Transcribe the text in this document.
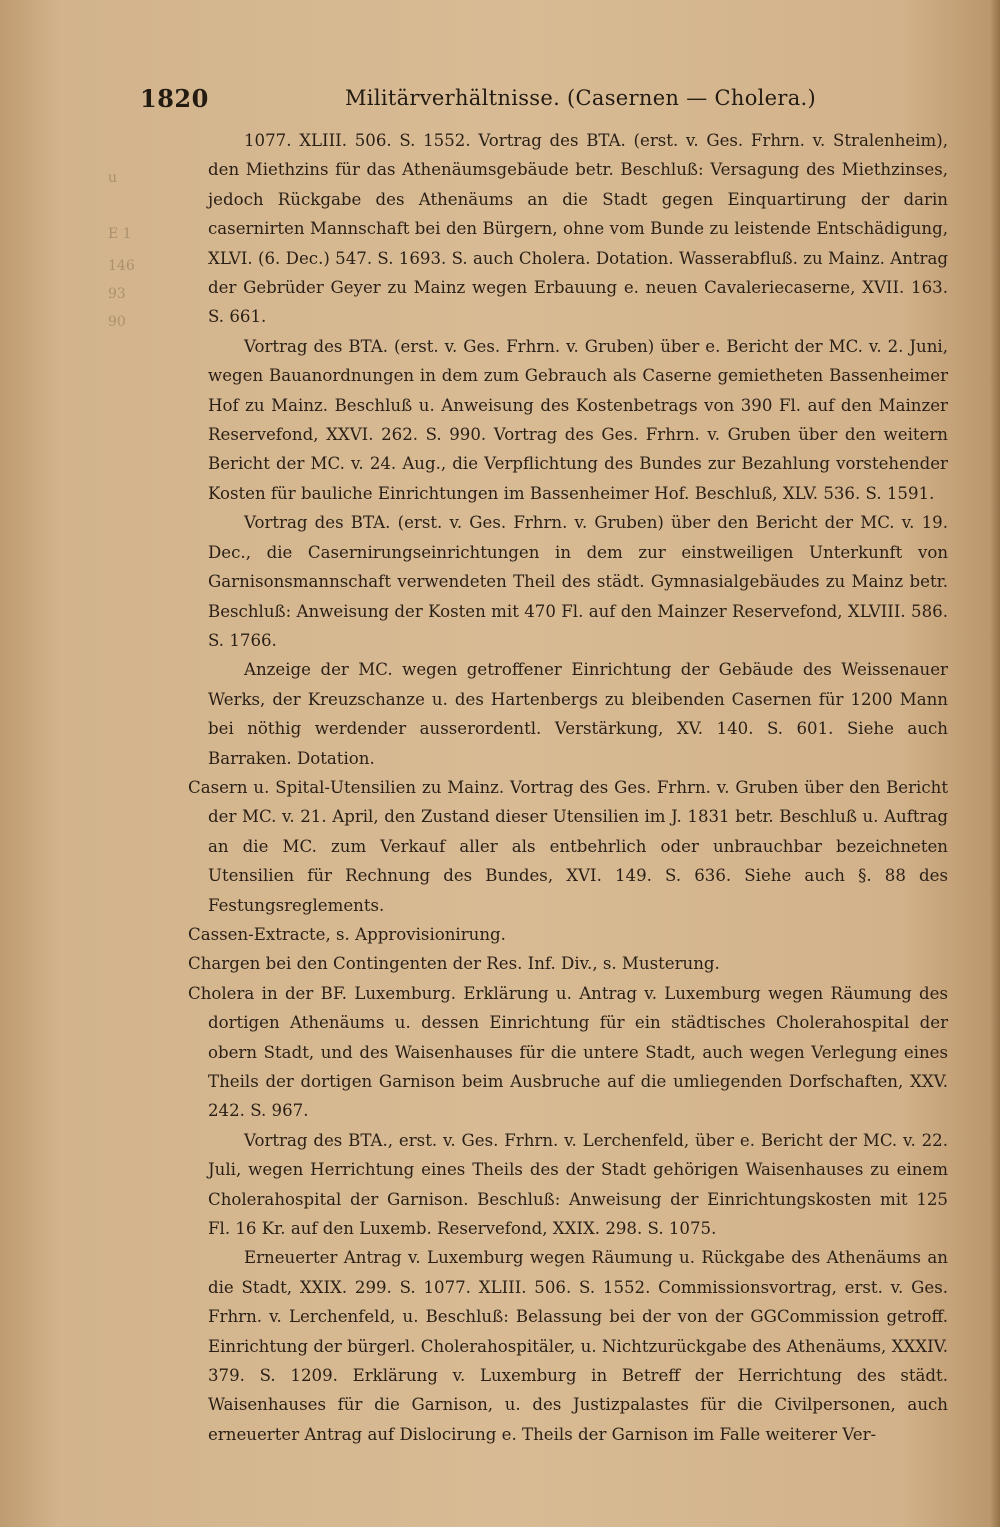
u
E 1
146
93
90
1820	Militärverhältnisse. (Casernen — Cholera.)

1077. XLIII. 506. S. 1552. Vortrag des BTA. (erst. v. Ges. Frhrn. v. Stralenheim), den Miethzins für das Athenäumsgebäude betr. Beschluß: Versagung des Miethzinses, jedoch Rückgabe des Athenäums an die Stadt gegen Einquartirung der darin casernirten Mannschaft bei den Bürgern, ohne vom Bunde zu leistende Entschädigung, XLVI. (6. Dec.) 547. S. 1693. S. auch Cholera. Dotation. Wasserabfluß. zu Mainz. Antrag der Gebrüder Geyer zu Mainz wegen Erbauung e. neuen Cavaleriecaserne, XVII. 163. S. 661.

Vortrag des BTA. (erst. v. Ges. Frhrn. v. Gruben) über e. Bericht der MC. v. 2. Juni, wegen Bauanordnungen in dem zum Gebrauch als Caserne gemietheten Bassenheimer Hof zu Mainz. Beschluß u. Anweisung des Kostenbetrags von 390 Fl. auf den Mainzer Reservefond, XXVI. 262. S. 990. Vortrag des Ges. Frhrn. v. Gruben über den weitern Bericht der MC. v. 24. Aug., die Verpflichtung des Bundes zur Bezahlung vorstehender Kosten für bauliche Einrichtungen im Bassenheimer Hof. Beschluß, XLV. 536. S. 1591.

Vortrag des BTA. (erst. v. Ges. Frhrn. v. Gruben) über den Bericht der MC. v. 19. Dec., die Casernirungseinrichtungen in dem zur einstweiligen Unterkunft von Garnisonsmannschaft verwendeten Theil des städt. Gymnasialgebäudes zu Mainz betr. Beschluß: Anweisung der Kosten mit 470 Fl. auf den Mainzer Reservefond, XLVIII. 586. S. 1766.

Anzeige der MC. wegen getroffener Einrichtung der Gebäude des Weissenauer Werks, der Kreuzschanze u. des Hartenbergs zu bleibenden Casernen für 1200 Mann bei nöthig werdender ausserordentl. Verstärkung, XV. 140. S. 601. Siehe auch Barraken. Dotation.

Casern u. Spital-Utensilien zu Mainz. Vortrag des Ges. Frhrn. v. Gruben über den Bericht der MC. v. 21. April, den Zustand dieser Utensilien im J. 1831 betr. Beschluß u. Auftrag an die MC. zum Verkauf aller als entbehrlich oder unbrauchbar bezeichneten Utensilien für Rechnung des Bundes, XVI. 149. S. 636. Siehe auch §. 88 des Festungsreglements.

Cassen-Extracte, s. Approvisionirung.

Chargen bei den Contingenten der Res. Inf. Div., s. Musterung.

Cholera in der BF. Luxemburg. Erklärung u. Antrag v. Luxemburg wegen Räumung des dortigen Athenäums u. dessen Einrichtung für ein städtisches Cholerahospital der obern Stadt, und des Waisenhauses für die untere Stadt, auch wegen Verlegung eines Theils der dortigen Garnison beim Ausbruche auf die umliegenden Dorfschaften, XXV. 242. S. 967.

Vortrag des BTA., erst. v. Ges. Frhrn. v. Lerchenfeld, über e. Bericht der MC. v. 22. Juli, wegen Herrichtung eines Theils des der Stadt gehörigen Waisenhauses zu einem Cholerahospital der Garnison. Beschluß: Anweisung der Einrichtungskosten mit 125 Fl. 16 Kr. auf den Luxemb. Reservefond, XXIX. 298. S. 1075.

Erneuerter Antrag v. Luxemburg wegen Räumung u. Rückgabe des Athenäums an die Stadt, XXIX. 299. S. 1077. XLIII. 506. S. 1552. Commissionsvortrag, erst. v. Ges. Frhrn. v. Lerchenfeld, u. Beschluß: Belassung bei der von der GGCommission getroff. Einrichtung der bürgerl. Cholerahospitäler, u. Nichtzurückgabe des Athenäums, XXXIV. 379. S. 1209. Erklärung v. Luxemburg in Betreff der Herrichtung des städt. Waisenhauses für die Garnison, u. des Justizpalastes für die Civilpersonen, auch erneuerter Antrag auf Dislocirung e. Theils der Garnison im Falle weiterer Ver-
